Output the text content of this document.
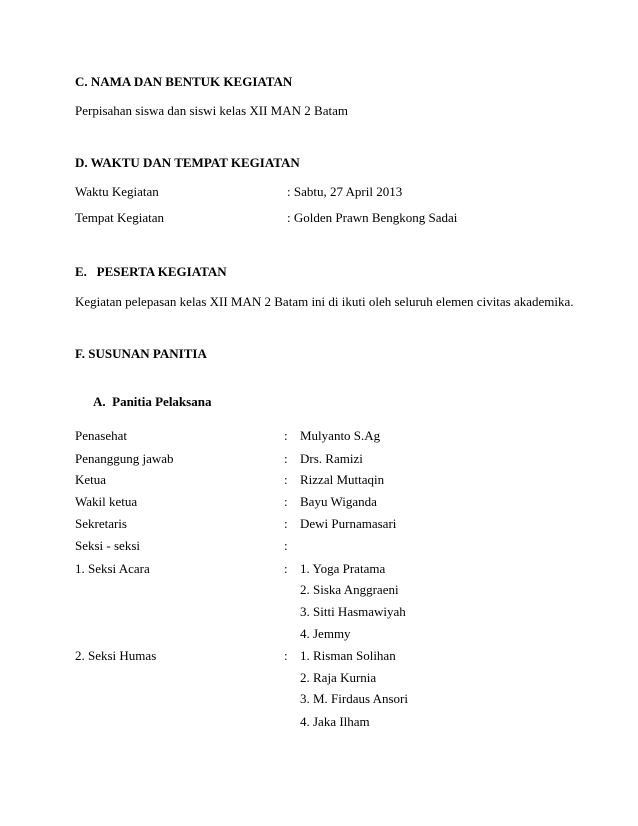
C. NAMA DAN BENTUK KEGIATAN
Perpisahan siswa dan siswi kelas XII MAN 2 Batam
D. WAKTU DAN TEMPAT KEGIATAN
Waktu Kegiatan	: Sabtu, 27 April 2013
Tempat Kegiatan	: Golden Prawn Bengkong Sadai
E.   PESERTA KEGIATAN
Kegiatan pelepasan kelas XII MAN 2 Batam ini di ikuti oleh seluruh elemen civitas akademika.
F. SUSUNAN PANITIA
A.  Panitia Pelaksana
Penasehat	: Mulyanto S.Ag
Penanggung jawab	: Drs. Ramizi
Ketua	: Rizzal Muttaqin
Wakil ketua	: Bayu Wiganda
Sekretaris	: Dewi Purnamasari
Seksi - seksi	:
1. Seksi Acara	: 1. Yoga Pratama
2. Siska Anggraeni
3. Sitti Hasmawiyah
4. Jemmy
2. Seksi Humas	: 1. Risman Solihan
2. Raja Kurnia
3. M. Firdaus Ansori
4. Jaka Ilham
